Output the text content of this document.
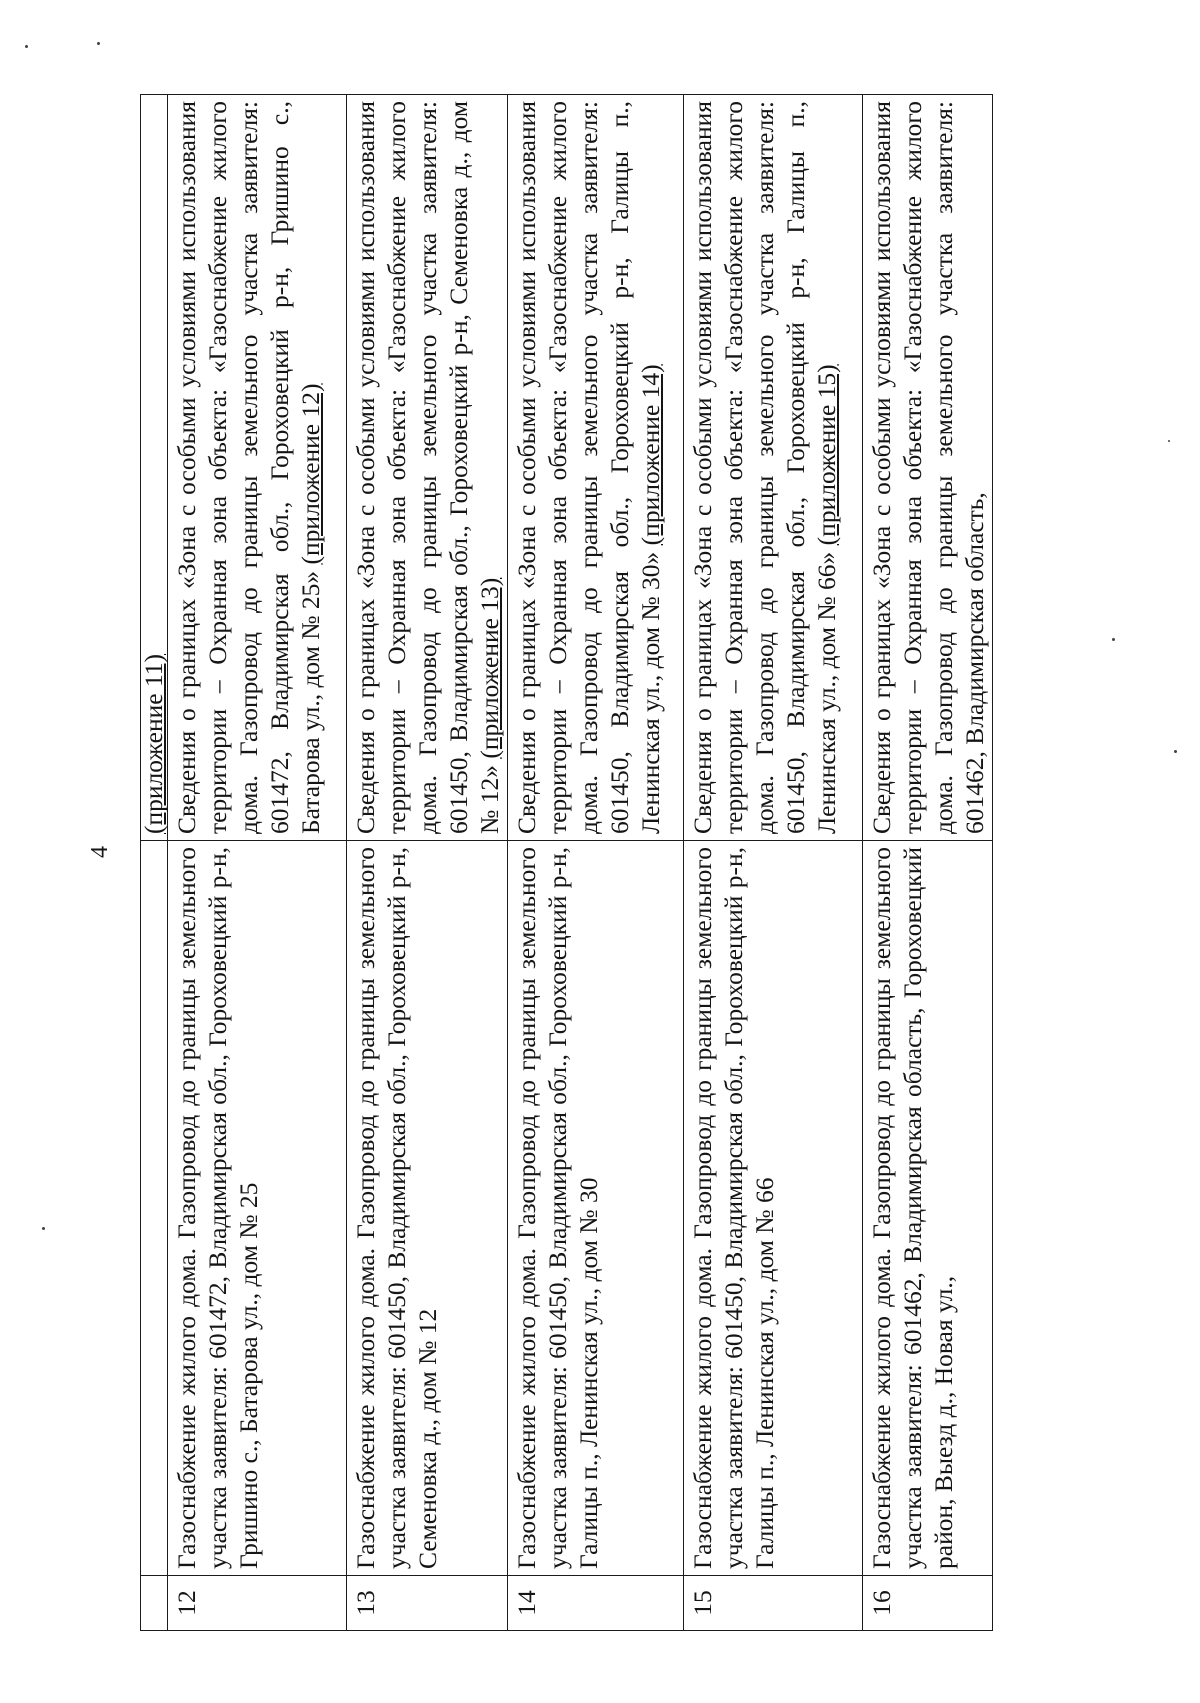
4
		(приложение 11)
12	Газоснабжение жилого дома. Газопровод до границы земельного участка заявителя: 601472, Владимирская обл., Гороховецкий р-н, Гришино с., Батарова ул., дом № 25	Сведения о границах «Зона с особыми условиями использования территории – Охранная зона объекта: «Газоснабжение жилого дома. Газопровод до границы земельного участка заявителя: 601472, Владимирская обл., Гороховецкий р-н, Гришино с., Батарова ул., дом № 25» (приложение 12)
13	Газоснабжение жилого дома. Газопровод до границы земельного участка заявителя: 601450, Владимирская обл., Гороховецкий р-н, Семеновка д., дом № 12	Сведения о границах «Зона с особыми условиями использования территории – Охранная зона объекта: «Газоснабжение жилого дома. Газопровод до границы земельного участка заявителя: 601450, Владимирская обл., Гороховецкий р-н, Семеновка д., дом № 12» (приложение 13)
14	Газоснабжение жилого дома. Газопровод до границы земельного участка заявителя: 601450, Владимирская обл., Гороховецкий р-н, Галицы п., Ленинская ул., дом № 30	Сведения о границах «Зона с особыми условиями использования территории – Охранная зона объекта: «Газоснабжение жилого дома. Газопровод до границы земельного участка заявителя: 601450, Владимирская обл., Гороховецкий р-н, Галицы п., Ленинская ул., дом № 30» (приложение 14)
15	Газоснабжение жилого дома. Газопровод до границы земельного участка заявителя: 601450, Владимирская обл., Гороховецкий р-н, Галицы п., Ленинская ул., дом № 66	Сведения о границах «Зона с особыми условиями использования территории – Охранная зона объекта: «Газоснабжение жилого дома. Газопровод до границы земельного участка заявителя: 601450, Владимирская обл., Гороховецкий р-н, Галицы п., Ленинская ул., дом № 66» (приложение 15)
16	Газоснабжение жилого дома. Газопровод до границы земельного участка заявителя: 601462, Владимирская область, Гороховецкий район, Выезд д., Новая ул.,	Сведения о границах «Зона с особыми условиями использования территории – Охранная зона объекта: «Газоснабжение жилого дома. Газопровод до границы земельного участка заявителя: 601462, Владимирская область,
